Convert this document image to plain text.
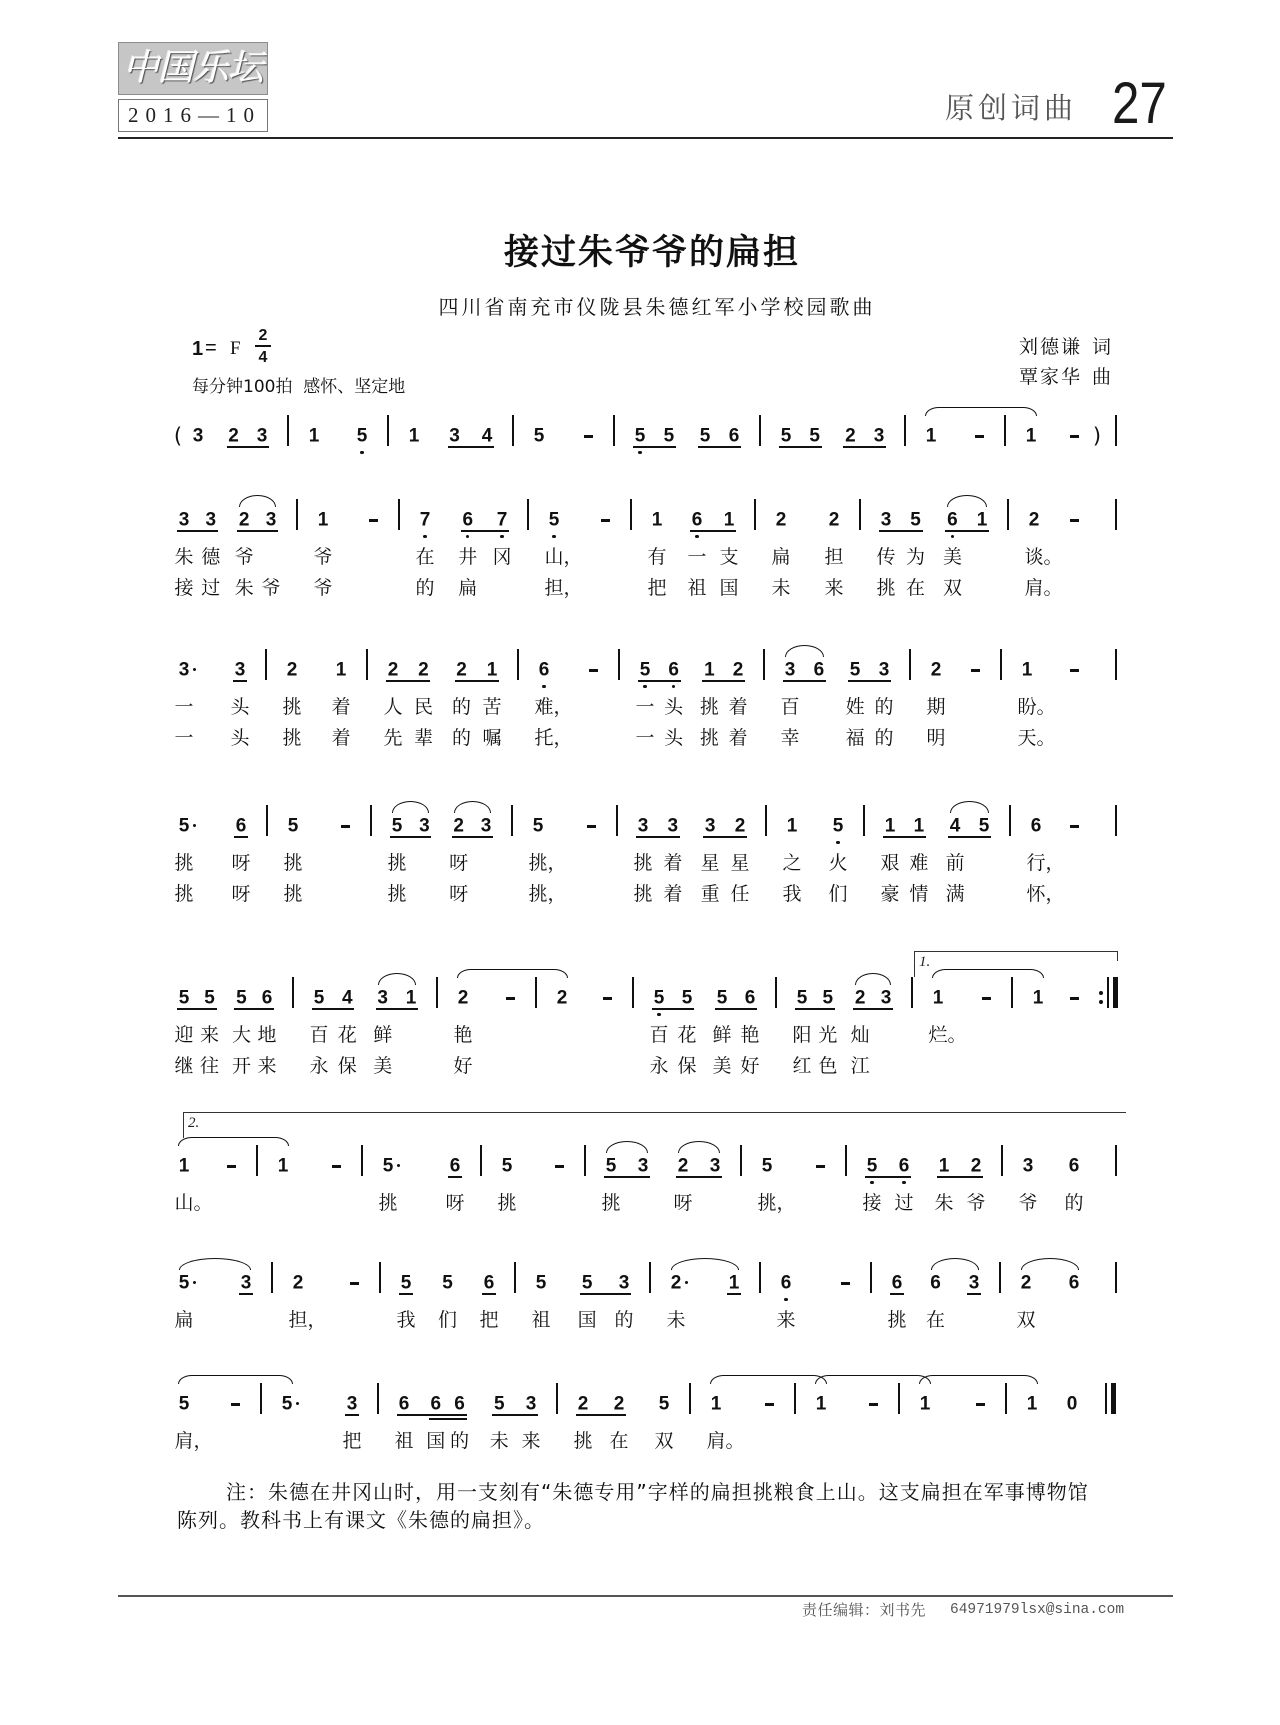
中国乐坛
2016—10	原创词曲 27
接过朱爷爷的扁担
四川省南充市仪陇县朱德红军小学校园歌曲
1 = F
2
4
每分钟100拍  感怀、坚定地
刘德谦 词
覃家华 曲
3 2 3 1 5 1 3 4 5	5 5 5 6 5 5 2 3 1	1
(	)
3 3 2 3 1	7 6 7 5	1 6 1 2 2 3 5 6 1 2
朱 德 爷	爷	在 井 冈 山，	有 一 支 扁 担 传 为 美	谈。
接 过 朱 爷 爷	的 扁	担，	把 祖 国 未 来 挑 在 双	肩。
3 3 2 1 2 2 2 1 6	5 6 1 2 3 6 5 3 2	1
一 头 挑 着 人 民 的 苦 难，	一 头 挑 着 百 姓 的 期	盼。
一 头 挑 着 先 辈 的 嘱 托，	一 头 挑 着 幸 福 的 明	天。
5 6 5	5 3 2 3 5	3 3 3 2 1 5 1 1 4 5 6
挑 呀 挑	挑 呀	挑，	挑 着 星 星 之 火 艰 难 前	行，
挑 呀 挑	挑 呀	挑，	挑 着 重 任 我 们 豪 情 满	怀，
5 5 5 6 5 4 3 1 2	2	5 5 5 6 5 5 2 3 1	1
迎 来 大 地 百 花 鲜	艳	百 花 鲜 艳 阳 光 灿	烂。
继 往 开 来 永 保 美	好	永 保 美 好 红 色 江
1.
1	1	5	6 5	5 3 2 3 5	5 6 1 2 3 6
山。	挑	呀 挑	挑	呀	挑，	接 过 朱 爷 爷 的
2.
5	3 2	5 5 6 5 5 3 2 1 6	6 6 3 2 6
扁	担，	我 们 把 祖 国 的 未	来	挑 在	双
5	5	3 6 6 6 5 3 2 2 5 1	1	1	1 0
肩，	把 祖 国 的 未 来 挑 在 双 肩。
注：朱德在井冈山时，用一支刻有“朱德专用”字样的扁担挑粮食上山。这支扁担在军事博物馆
陈列。教科书上有课文《朱德的扁担》。
责任编辑：刘书先 64971979lsx@sina.com
